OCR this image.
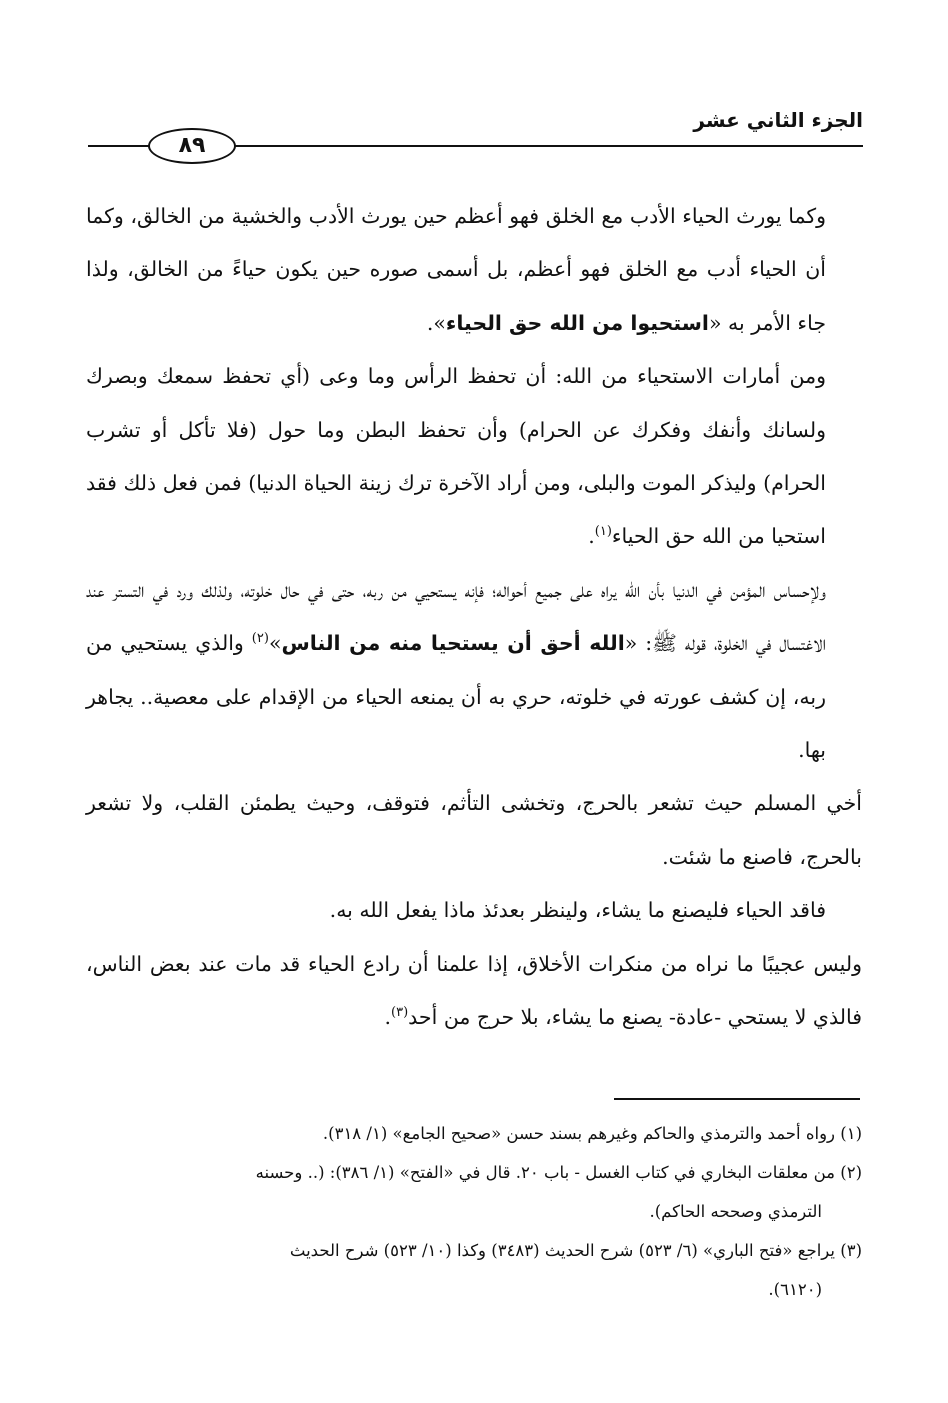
الجزء الثاني عشر
٨٩

وكما يورث الحياء الأدب مع الخلق فهو أعظم حين يورث الأدب والخشية من الخالق، وكما أن الحياء أدب مع الخلق فهو أعظم، بل أسمى صوره حين يكون حياءً من الخالق، ولذا جاء الأمر به «استحيوا من الله حق الحياء».

ومن أمارات الاستحياء من الله: أن تحفظ الرأس وما وعى (أي تحفظ سمعك وبصرك ولسانك وأنفك وفكرك عن الحرام) وأن تحفظ البطن وما حول (فلا تأكل أو تشرب الحرام) وليذكر الموت والبلى، ومن أراد الآخرة ترك زينة الحياة الدنيا) فمن فعل ذلك فقد استحيا من الله حق الحياء$^{(١)}$.

ولإحساس المؤمن في الدنيا بأن الله يراه على جميع أحواله؛ فإنه يستحيي من ربه، حتى في حال خلوته، ولذلك ورد في التستر عند الاغتسال في الخلوة، قوله ﷺ: «الله أحق أن يستحيا منه من الناس»$^{(٢)}$ والذي يستحيي من ربه، إن كشف عورته في خلوته، حري به أن يمنعه الحياء من الإقدام على معصية.. يجاهر بها.

أخي المسلم حيث تشعر بالحرج، وتخشى التأثم، فتوقف، وحيث يطمئن القلب، ولا تشعر بالحرج، فاصنع ما شئت.

فاقد الحياء فليصنع ما يشاء، ولينظر بعدئذ ماذا يفعل الله به.

وليس عجيبًا ما نراه من منكرات الأخلاق، إذا علمنا أن رادع الحياء قد مات عند بعض الناس، فالذي لا يستحي -عادة- يصنع ما يشاء، بلا حرج من أحد$^{(٣)}$.

(١) رواه أحمد والترمذي والحاكم وغيرهم بسند حسن «صحيح الجامع» (١/ ٣١٨).

(٢) من معلقات البخاري في كتاب الغسل - باب ٢٠. قال في «الفتح» (١/ ٣٨٦): (.. وحسنه

الترمذي وصححه الحاكم).

(٣) يراجع «فتح الباري» (٦/ ٥٢٣) شرح الحديث (٣٤٨٣) وكذا (١٠/ ٥٢٣) شرح الحديث

(٦١٢٠).
